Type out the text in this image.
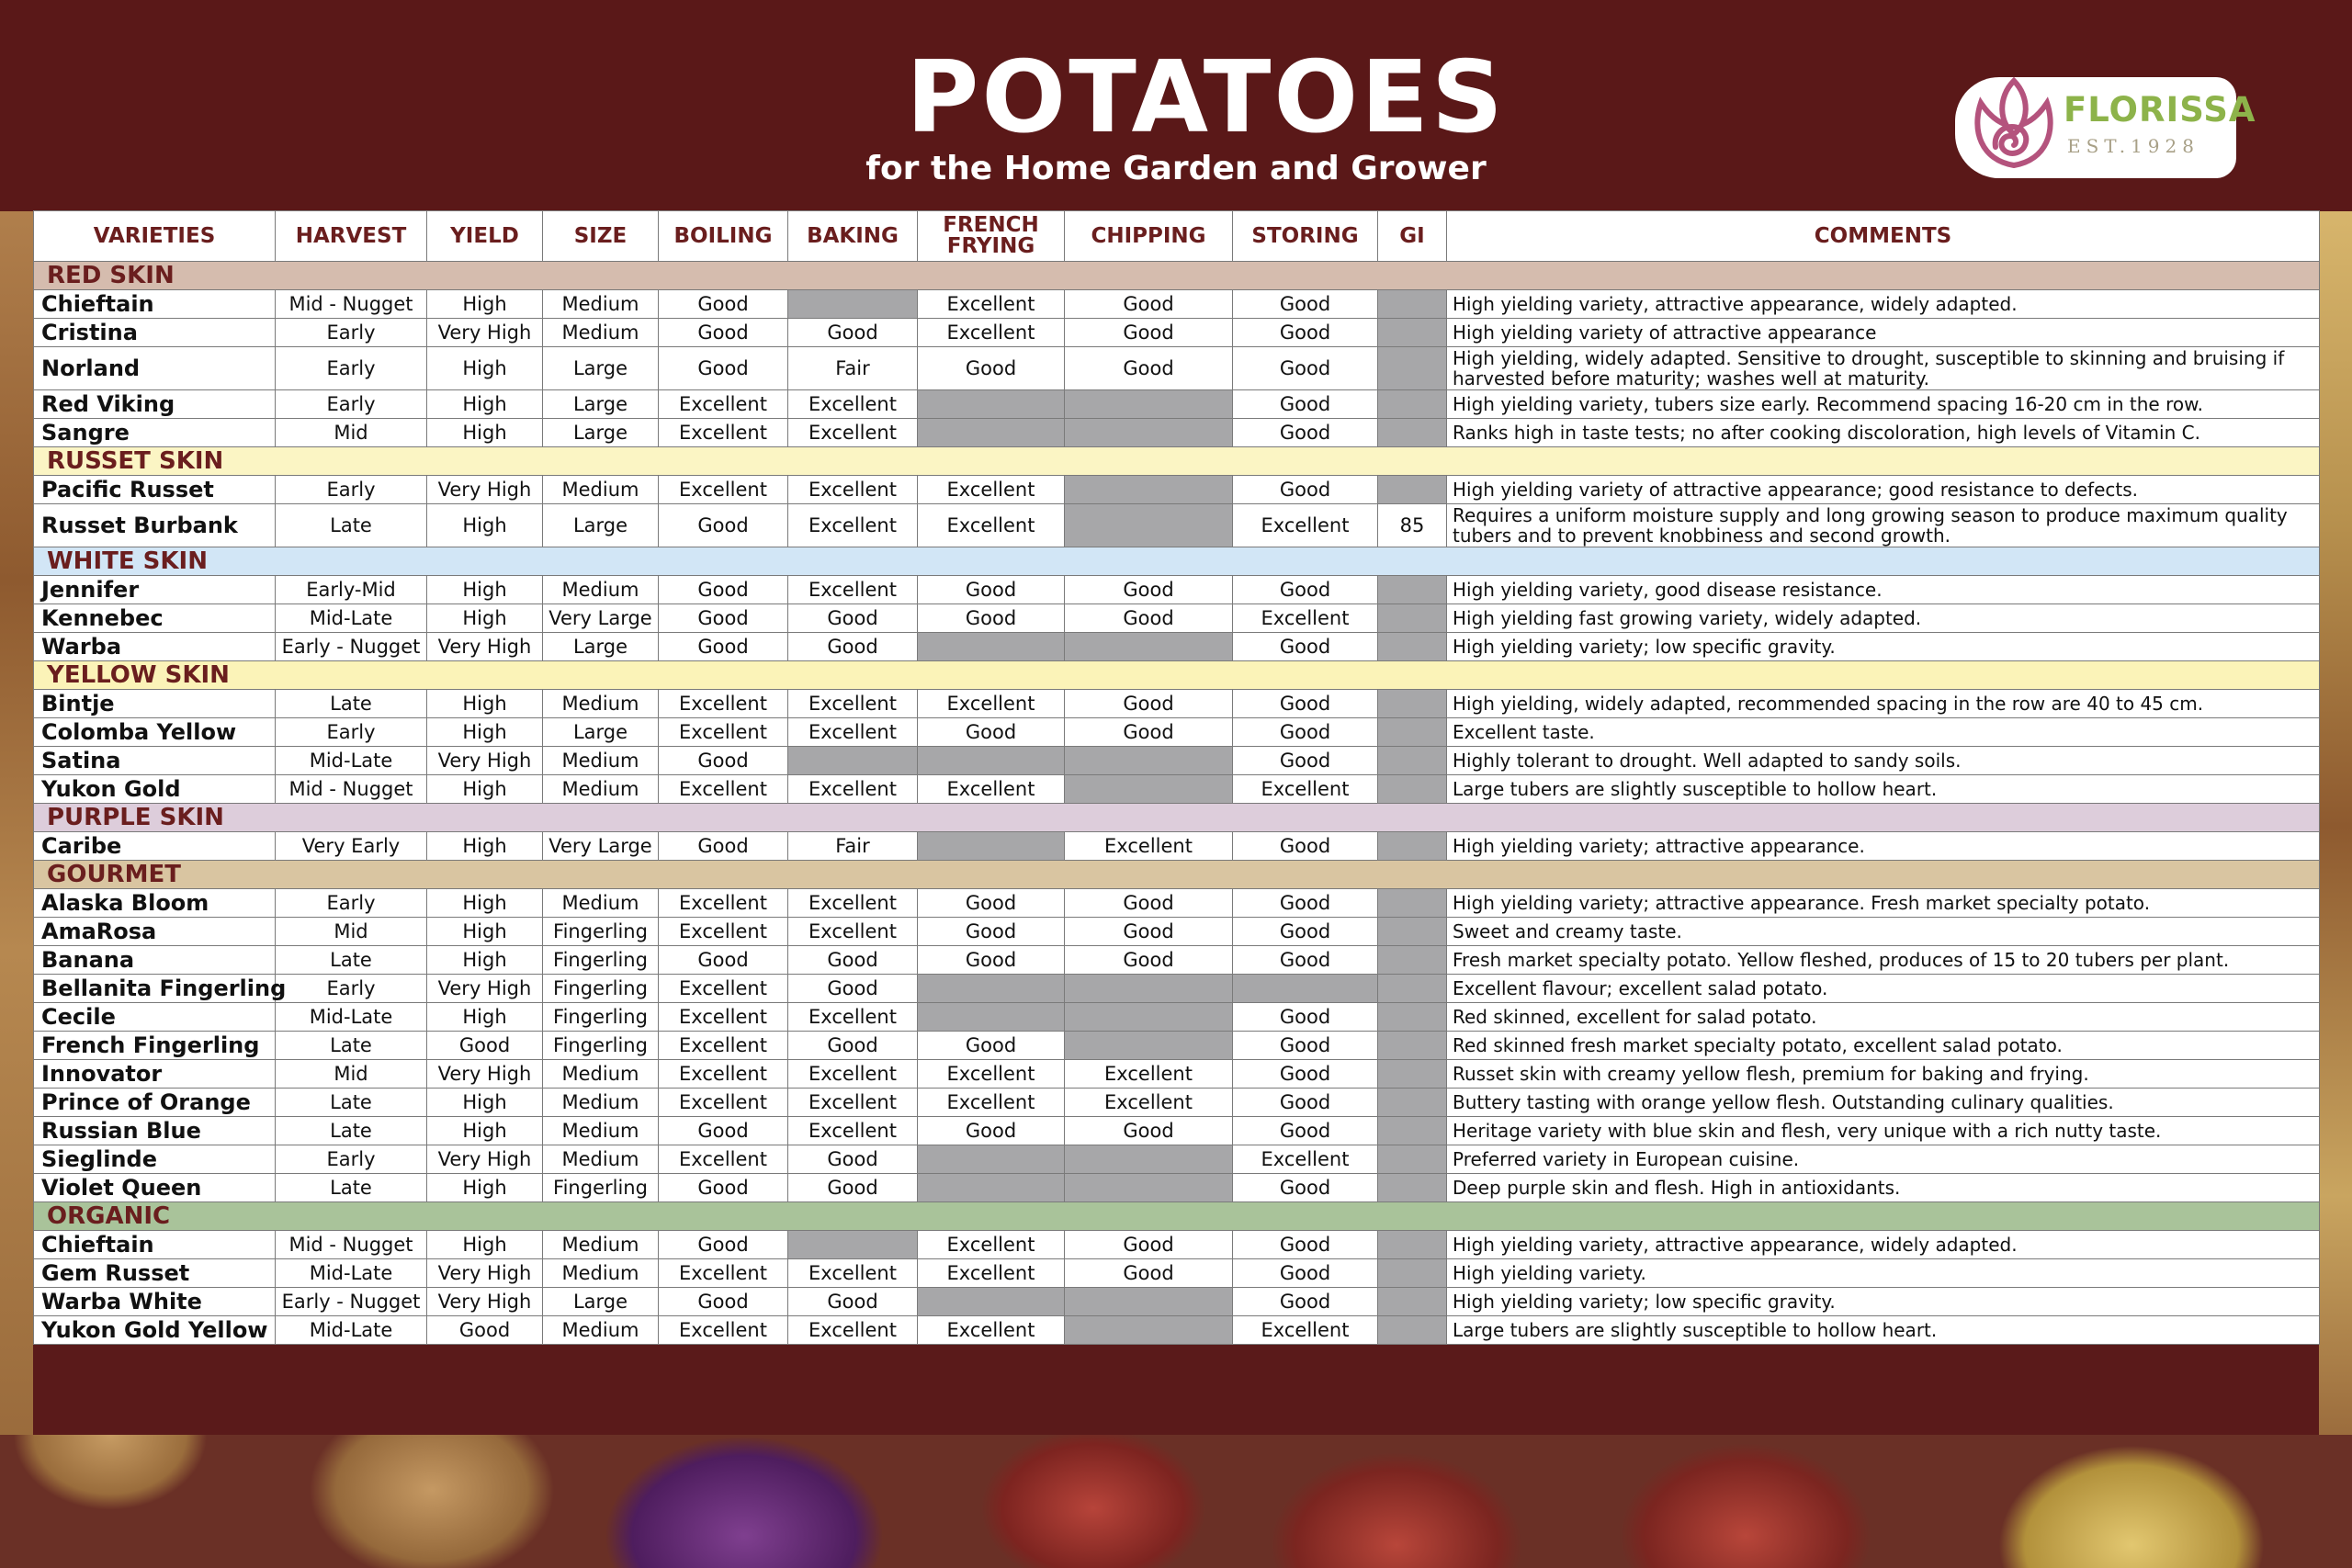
POTATOES
for the Home Garden and Grower
FLORISSA
EST.1928
VARIETIES	HARVEST	YIELD	SIZE	BOILING	BAKING	FRENCH FRYING	CHIPPING	STORING	GI	COMMENTS
RED SKIN										
Chieftain	Mid - Nugget	High	Medium	Good		Excellent	Good	Good		High yielding variety, attractive appearance, widely adapted.
Cristina	Early	Very High	Medium	Good	Good	Excellent	Good	Good		High yielding variety of attractive appearance
Norland	Early	High	Large	Good	Fair	Good	Good	Good		High yielding, widely adapted. Sensitive to drought, susceptible to skinning and bruising if harvested before maturity; washes well at maturity.
Red Viking	Early	High	Large	Excellent	Excellent			Good		High yielding variety, tubers size early. Recommend spacing 16-20 cm in the row.
Sangre	Mid	High	Large	Excellent	Excellent			Good		Ranks high in taste tests; no after cooking discoloration, high levels of Vitamin C.
RUSSET SKIN										
Pacific Russet	Early	Very High	Medium	Excellent	Excellent	Excellent		Good		High yielding variety of attractive appearance; good resistance to defects.
Russet Burbank	Late	High	Large	Good	Excellent	Excellent		Excellent	85	Requires a uniform moisture supply and long growing season to produce maximum quality tubers and to prevent knobbiness and second growth.
WHITE SKIN										
Jennifer	Early-Mid	High	Medium	Good	Excellent	Good	Good	Good		High yielding variety, good disease resistance.
Kennebec	Mid-Late	High	Very Large	Good	Good	Good	Good	Excellent		High yielding fast growing variety, widely adapted.
Warba	Early - Nugget	Very High	Large	Good	Good			Good		High yielding variety; low specific gravity.
YELLOW SKIN										
Bintje	Late	High	Medium	Excellent	Excellent	Excellent	Good	Good		High yielding, widely adapted, recommended spacing in the row are 40 to 45 cm.
Colomba Yellow	Early	High	Large	Excellent	Excellent	Good	Good	Good		Excellent taste.
Satina	Mid-Late	Very High	Medium	Good				Good		Highly tolerant to drought. Well adapted to sandy soils.
Yukon Gold	Mid - Nugget	High	Medium	Excellent	Excellent	Excellent		Excellent		Large tubers are slightly susceptible to hollow heart.
PURPLE SKIN										
Caribe	Very Early	High	Very Large	Good	Fair		Excellent	Good		High yielding variety; attractive appearance.
GOURMET										
Alaska Bloom	Early	High	Medium	Excellent	Excellent	Good	Good	Good		High yielding variety; attractive appearance. Fresh market specialty potato.
AmaRosa	Mid	High	Fingerling	Excellent	Excellent	Good	Good	Good		Sweet and creamy taste.
Banana	Late	High	Fingerling	Good	Good	Good	Good	Good		Fresh market specialty potato. Yellow fleshed, produces of 15 to 20 tubers per plant.
Bellanita Fingerling	Early	Very High	Fingerling	Excellent	Good					Excellent flavour; excellent salad potato.
Cecile	Mid-Late	High	Fingerling	Excellent	Excellent			Good		Red skinned, excellent for salad potato.
French Fingerling	Late	Good	Fingerling	Excellent	Good	Good		Good		Red skinned fresh market specialty potato, excellent salad potato.
Innovator	Mid	Very High	Medium	Excellent	Excellent	Excellent	Excellent	Good		Russet skin with creamy yellow flesh, premium for baking and frying.
Prince of Orange	Late	High	Medium	Excellent	Excellent	Excellent	Excellent	Good		Buttery tasting with orange yellow flesh. Outstanding culinary qualities.
Russian Blue	Late	High	Medium	Good	Excellent	Good	Good	Good		Heritage variety with blue skin and flesh, very unique with a rich nutty taste.
Sieglinde	Early	Very High	Medium	Excellent	Good			Excellent		Preferred variety in European cuisine.
Violet Queen	Late	High	Fingerling	Good	Good			Good		Deep purple skin and flesh. High in antioxidants.
ORGANIC										
Chieftain	Mid - Nugget	High	Medium	Good		Excellent	Good	Good		High yielding variety, attractive appearance, widely adapted.
Gem Russet	Mid-Late	Very High	Medium	Excellent	Excellent	Excellent	Good	Good		High yielding variety.
Warba White	Early - Nugget	Very High	Large	Good	Good			Good		High yielding variety; low specific gravity.
Yukon Gold Yellow	Mid-Late	Good	Medium	Excellent	Excellent	Excellent		Excellent		Large tubers are slightly susceptible to hollow heart.
